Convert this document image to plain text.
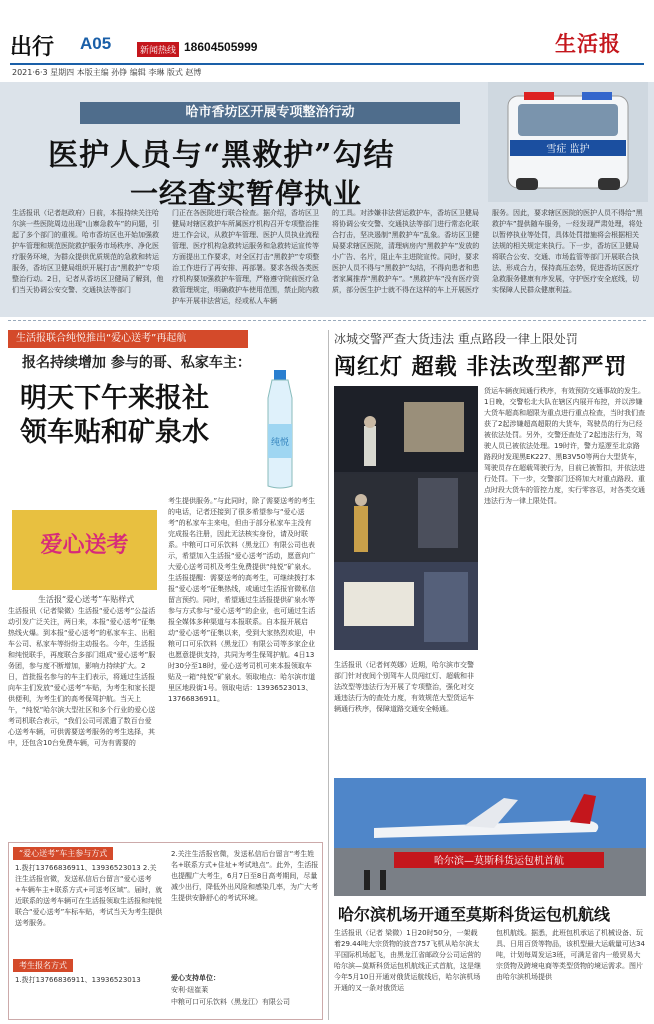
出行 A05	新闻热线 18604505999	生活报
2021·6·3 星期四 本版主编 孙铮 编辑 李琳 版式 赵博
哈市香坊区开展专项整治行动
医护人员与“黑救护”勾结
一经查实暂停执业
雪症 监护
生活报讯（记者赵政府）日前，本报持续关注哈尔滨一些医院周边出现“山寨急救车”的问题，引起了多个部门的重视。哈市香坊区也开始加强救护车管理和规范医院救护服务市场秩序、净化医疗服务环境，为群众提供优质规范的急救和转运服务，香坊区卫健局组织开展打击“黑救护”专项整治行动。2日，记者从香坊区卫健局了解到，他们当天协调公安交警、交通执法等部门
门正在各医院进行联合检查。据介绍，香坊区卫健局对辖区救护车所属医疗机构召开专项整治推进工作会议，从救护车管理、医护人员执业流程管理、医疗机构急救转运服务和急救转运宣传等方面提出工作要求，对全区打击“黑救护”专项整治工作进行了再安排、再部署。要求各级各类医疗机构要加强救护车管理，严格遵守院前医疗急救管理规定，明确救护车使用范围，禁止院内救护车开展非法营运，经或私人车辆
的工具。对涉嫌非法营运救护车，香坊区卫健局将协调公安交警、交通执法等部门进行常态化联合打击，坚决遏制“黑救护车”乱象。香坊区卫健局要求辖区医院，清理病房内“黑救护车”发放的小广告、名片，阻止车主进院宣传。同时，要求医护人员不得与“黑救护”勾结，不得向患者和患者家属推荐“黑救护车”。“黑救护车”没有医疗资质，部分医生护士就不得在这样的车上开展医疗
服务。因此，要求辖区医院的医护人员不得给“黑救护车”提供随车服务，一经发现严肃处理，将处以暂停执业等处罚，具体处罚措施将会根据相关法规的相关规定来执行。下一步，香坊区卫健局将联合公安、交通、市场监管等部门开展联合执法、形成合力，保持高压态势，促进香坊区医疗急救服务健康有序发展，守护医疗安全底线，切实保障人民群众健康利益。
生活报联合纯悦推出“爱心送考”再起航
报名持续增加 参与的哥、私家车主：
明天下午来报社
领车贴和矿泉水	纯悦
爱心送考
生活报“爱心送考”车贴样式
生活报讯（记者梁微）生活报“爱心送考”公益活动引发广泛关注，两日来，本报“爱心送考”征集热线火爆。到本报“爱心送考”的私家车主、出租车公司、私家车等纷纷主动报名。今年，生活报和纯悦联手，再度联合多部门组成“爱心送考”服务团，参与度不断增加，影响力持续扩大。2日，首批报名参与的车主们表示，将通过生活报向车主们发放“爱心送考”车贴，为考生和家长提供便利，为考生们的高考保驾护航。当天上午，“纯悦”哈尔滨大型社区和多个行业的爱心送考司机联合表示，“我们公司可派遣了数百台爱心送考车辆，可供需要送考服务的考生选择，其中，还包含10台免费车辆，可为有需要的
考生提供服务。”与此同时，除了需要送考的考生的电话，记者还接到了很多希望参与“爱心送考”的私家车主来电，但由于部分私家车主没有完成报名注册，因此无法核实身份，请及时联系。中粮可口可乐饮料（黑龙江）有限公司也表示，希望加入生活报“爱心送考”活动，愿意向广大爱心送考司机及考生免费提供“纯悦”矿泉水。生活报提醒：需要送考的高考生，可继续拨打本报“爱心送考”征集热线，或通过生活报官微私信留言预约。同时，希望通过生活报提供矿泉水等参与方式参与“爱心送考”的企业，也可通过生活报全媒体多种渠道与本报联系。自本报开展启动“爱心送考”征集以来，受到大家热烈欢迎，中粮可口可乐饮料（黑龙江）有限公司等多家企业也愿意提供支持，共同为考生保驾护航。4日13时30分至18时，爱心送考司机可来本报领取车贴及一箱“纯悦”矿泉水。领取地点：哈尔滨市道里区地段街1号。领取电话：13936523013、13766836911。
“爱心送考”车主参与方式
1.拨打13766836911、13936523013 2.关注生活报官微，发送私信后台留言“爱心送考+车辆车主+联系方式+可送考区域”。届时，就近联系的送考车辆可在生活报领取生活报和纯悦联合“爱心送考”车标车贴，考试当天为考生提供送考服务。
考生报名方式
1.拨打13766836911、13936523013
2.关注生活报官微，发送私信后台留言“考生姓名+联系方式+住址+考试地点”。此外，生活报也提醒广大考生，6月7日至8日高考期间，尽量减少出行，降低外出风险和感染几率，为广大考生提供安静舒心的考试环境。
爱心支持单位：
安利·纽崔莱
中粮可口可乐饮料（黑龙江）有限公司
冰城交警严查大货违法 重点路段一律上限处罚
闯红灯 超载 非法改型都严罚
货运车辆夜间通行秩序，有效预防交通事故的发生。1日晚，交警松北大队在辖区内展开布控，并以涉嫌大货车超高和超限为重点进行重点检查，当时我们查获了2起涉嫌超高超限的大货车，驾驶员的行为已经被依法处罚。另外，交警还查处了2起违法行为，驾驶人员已被依法处理。19时许，警力巡逻至北京路路段时发现黑EK227、黑B3V50等两台大型货车，驾驶员存在超载驾驶行为，目前已被暂扣，并依法进行处罚。下一步，交警部门还将加大对重点路段、重点时段大货车的管控力度，实行零容忍，对各类交通违法行为一律上限处罚。
生活报讯（记者何英娜）近期，哈尔滨市交警部门针对夜间个别驾车人员闯红灯、超载和非法改型等违法行为开展了专项整治，强化对交通违法行为的查处力度，有效规范大型货运车辆通行秩序，保障道路交通安全畅通。
哈尔滨—莫斯科货运包机首航
哈尔滨机场开通至莫斯科货运包机航线
生活报讯（记者 梁微）1日20时50分，一架载着29.44吨大宗货物的波音757飞机从哈尔滨太平国际机场起飞，由黑龙江省邮政分公司运营的哈尔滨—莫斯科货运包机航线正式首航，这是继今年5月10日开通对俄货运航线后，哈尔滨机场开通的又一条对俄货运
包机航线。据悉，此班包机承运了机械设备、玩具、日用百货等物品，该机型最大运载量可达34吨，计划每周发运3班，可满足省内一般贸易大宗货物及跨境电商等类型货物的境运需求。图片由哈尔滨机场提供
